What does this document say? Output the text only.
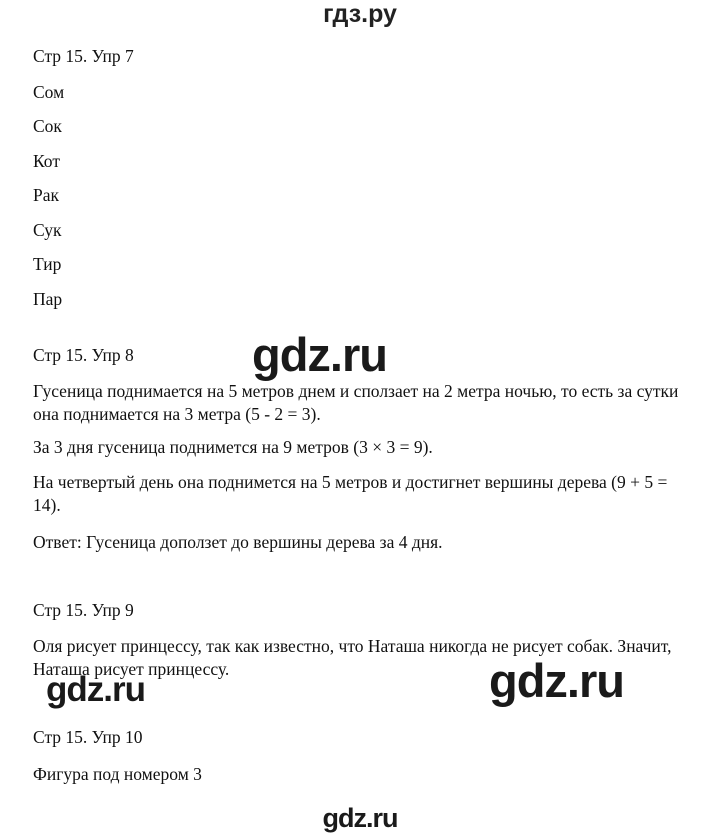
гдз.ру
Стр 15. Упр 7
Сом
Сок
Кот
Рак
Сук
Тир
Пар
Стр 15. Упр 8
Гусеница поднимается на 5 метров днем и сползает на 2 метра ночью, то есть за сутки она поднимается на 3 метра (5 - 2 = 3).
За 3 дня гусеница поднимется на 9 метров (3 × 3 = 9).
На четвертый день она поднимется на 5 метров и достигнет вершины дерева (9 + 5 = 14).
Ответ: Гусеница доползет до вершины дерева за 4 дня.
Стр 15. Упр 9
Оля рисует принцессу, так как известно, что Наташа никогда не рисует собак. Значит, Наташа рисует принцессу.
Стр 15. Упр 10
Фигура под номером 3
gdz.ru
gdz.ru
gdz.ru
gdz.ru
